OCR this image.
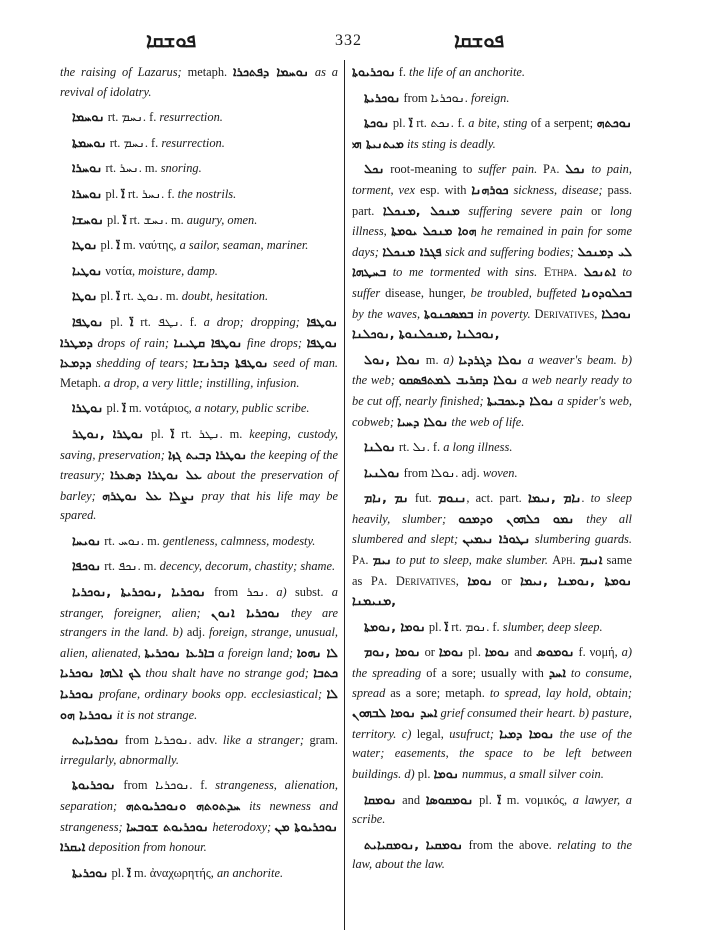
ܦܘܫܩܐ	332	ܦܘܫܩܐ

the raising of Lazarus; metaph. ܢܘܚܡܐ ܕܦܬܟܪܐ as a revival of idolatry.

ܢܘܚܡܐ rt. ܢܚܡ. f. resurrection.

ܢܘܚܡܬܐ rt. ܢܚܡ. f. resurrection.

ܢܘܚܪܐ rt. ܢܚܪ. m. snoring.

ܢܘܚܪܐ pl. ܐ̈ rt. ܢܚܪ. f. the nostrils.

ܢܘܚܫܐ pl. ܐ̈ rt. ܢܚܫ. m. augury, omen.

ܢܘܛܐ pl. ܐ̈ m. ναύτης, a sailor, seaman, mariner.

ܢܘܛܝܐ νοτία, moisture, damp.

ܢܘܛܐ pl. ܐ̈ rt. ܢܘܛ. m. doubt, hesitation.

ܢܘܛܦܐ pl. ܐ̈ rt. ܢܛܦ. f. a drop; dropping; ܢܘܛܦܐ ܕܡܛܪܐ drops of rain; ܢܘܛܦܐ ܩܛܝܢܐ fine drops; ܢܘܛܦܐ ܕܕܡܥܐ shedding of tears; ܢܘܛܦܬܐ ܕܒܪܢܫܐ seed of man. Metaph. a drop, a very little; instilling, infusion.

ܢܘܛܪܐ pl. ܐ̈ m. νοτάριος, a notary, public scribe.

ܢܘܛܪܐ ,ܢܘܛܪ pl. ܐ̈ rt. ܢܛܪ. m. keeping, custody, saving, preservation; ܢܘܛܪܐ ܕܒܝܬ ܓܙܐ the keeping of the treasury; ܥܠ ܢܘܛܪܐ ܕܣܥܪܐ about the preservation of barley; ܢܨܠܐ ܥܠ ܢܘܛܪܗ pray that his life may be spared.

ܢܘܝܚܐ rt. ܢܘܚ. m. gentleness, calmness, modesty.

ܢܘܟܦܐ rt. ܢܟܦ. m. decency, decorum, chastity; shame.

ܢܘܟܪܝܐ ,ܢܘܟܪܝܬܐ ,ܢܘܟܪܝܐ from ܢܟܪ. a) subst. a stranger, foreigner, alien; ܢܘܟܪܝܐ ܐܢܘܢ they are strangers in the land. b) adj. foreign, strange, unusual, alien, alienated, ܒܐܪܥܐ ܢܘܟܪܝܬܐ a foreign land; ܠܐ ܢܗܘܐ ܠܟ ܐܠܗܐ ܢܘܟܪܝܐ thou shalt have no strange god; ܟܬܒܐ ܢܘܟܪܝܐ profane, ordinary books opp. ecclesiastical; ܠܐ ܢܘܟܪܝܐ ܗܘ it is not strange.

ܢܘܟܪܝܐܝܬ from ܢܘܟܪܝܐ. adv. like a stranger; gram. irregularly, abnormally.

ܢܘܟܪܝܘܬܐ from ܢܘܟܪܝܐ. f. strangeness, alienation, separation; ܚܕܬܘܬܗ ܘܢܘܟܪܝܘܬܗ its newness and strangeness; ܢܘܟܪܝܘܬ ܫܘܒܚܐ heterodoxy; ܢܘܟܪܝܘܬܐ ܡܢ ܐܝܩܪܐ deposition from honour.

ܢܘܟܪܝܬܐ pl. ܐ̈ m. ἀναχωρητής, an anchorite.

ܢܘܟܪܝܘܬܐ f. the life of an anchorite.

ܢܘܟܪܝܬܐ from ܢܘܟܪܝܐ. foreign.

ܢܘܟܬܐ pl. ܐ̈ rt. ܢܟܬ. f. a bite, sting of a serpent; ܢܘܟܬܗ ܡܝܬܢܝܬܐ ܗܝ its sting is deadly.

ܢܟܠ root-meaning to suffer pain. Pa. ܢܟܠ to pain, torment, vex esp. with ܟܘܪܗܢܐ sickness, disease; pass. part. ܡܢܟܠ ,ܡܢܟܠܐ suffering severe pain or long illness, ܗܘܐ ܡܢܟܠ ܝܘܡܬܐ he remained in pain for some days; ܦܓܪܐ ܡܢܟܠܐ sick and suffering bodies; ܠܝ ܕܡܢܟܠ ܒܚܛܗܐ to me tormented with sins. Ethpa. ܐܬܢܟܠ to suffer disease, hunger, be troubled, buffeted ܒܟܠܘܕܘܢܐ by the waves, ܒܡܣܟܢܘܬܐ in poverty. Derivatives, ܢܘܟܠܐ ,ܢܘܟܠܢܐ ,ܡܢܟܠܢܘܬܐ ,ܢܘܟܠܢܐ

ܢܘܠܐ ,ܢܘܠ m. a) ܢܘܠܐ ܕܓܪܕܝܐ a weaver's beam. b) the web; ܢܘܠܐ ܕܩܪܝܒ ܠܡܬܦܣܩܘ a web nearly ready to be cut off, nearly finished; ܢܘܠܐ ܕܥܟܒܝܬܐ a spider's web, cobweb; ܢܘܠܐ ܕܚܝܐ the web of life.

ܢܘܠܢܐ rt. ܢܠ. f. a long illness.

ܢܘܠܢܝܐ from ܢܘܠܐ. adj. woven.

ܢܡ ,ܢܐܡ fut. ܢܢܘܡ, act. part. ܢܐܡ ,ܢܝܡܐ. to sleep heavily, slumber; ܢܡܘ ܟܠܗܘܢ ܘܕܡܟܘ they all slumbered and slept; ܢܛܘܪܐ ܢܝܡܝܢ slumbering guards. Pa. ܢܝܡ to put to sleep, make slumber. Aph. ܐܢܝܡ same as Pa. Derivatives, ܢܘܡܐ or ܢܘܡܬܐ ,ܢܘܡܢܐ ,ܢܝܡܐ ,ܡܢܝܡܢܐ

ܢܘܡܐ ,ܢܘܡܬܐ pl. ܐ̈ rt. ܢܘܡ. f. slumber, deep sleep.

ܢܘܡܐ ,ܢܘܡ or ܢܘܡܐ pl. ܢܘܡܐ and ܢܘܡܘܣ f. νομή, a) the spreading of a sore; usually with ܐܚܕ to consume, spread as a sore; metaph. to spread, lay hold, obtain; ܐܚܕ ܢܘܡܐ ܠܒܗܘܢ grief consumed their heart. b) pasture, territory. c) legal, usufruct; ܢܘܡܐ ܕܡܝܐ the use of the water; easements, the space to be left between buildings. d) pl. ܢܘܡܐ nummus, a small silver coin.

ܢܘܡܩܐ and ܢܘܡܩܘܣܐ pl. ܐ̈ m. νομικός, a lawyer, a scribe.

ܢܘܡܩܝܐ ,ܢܘܡܩܝܐܝܬ from the above. relating to the law, about the law.
